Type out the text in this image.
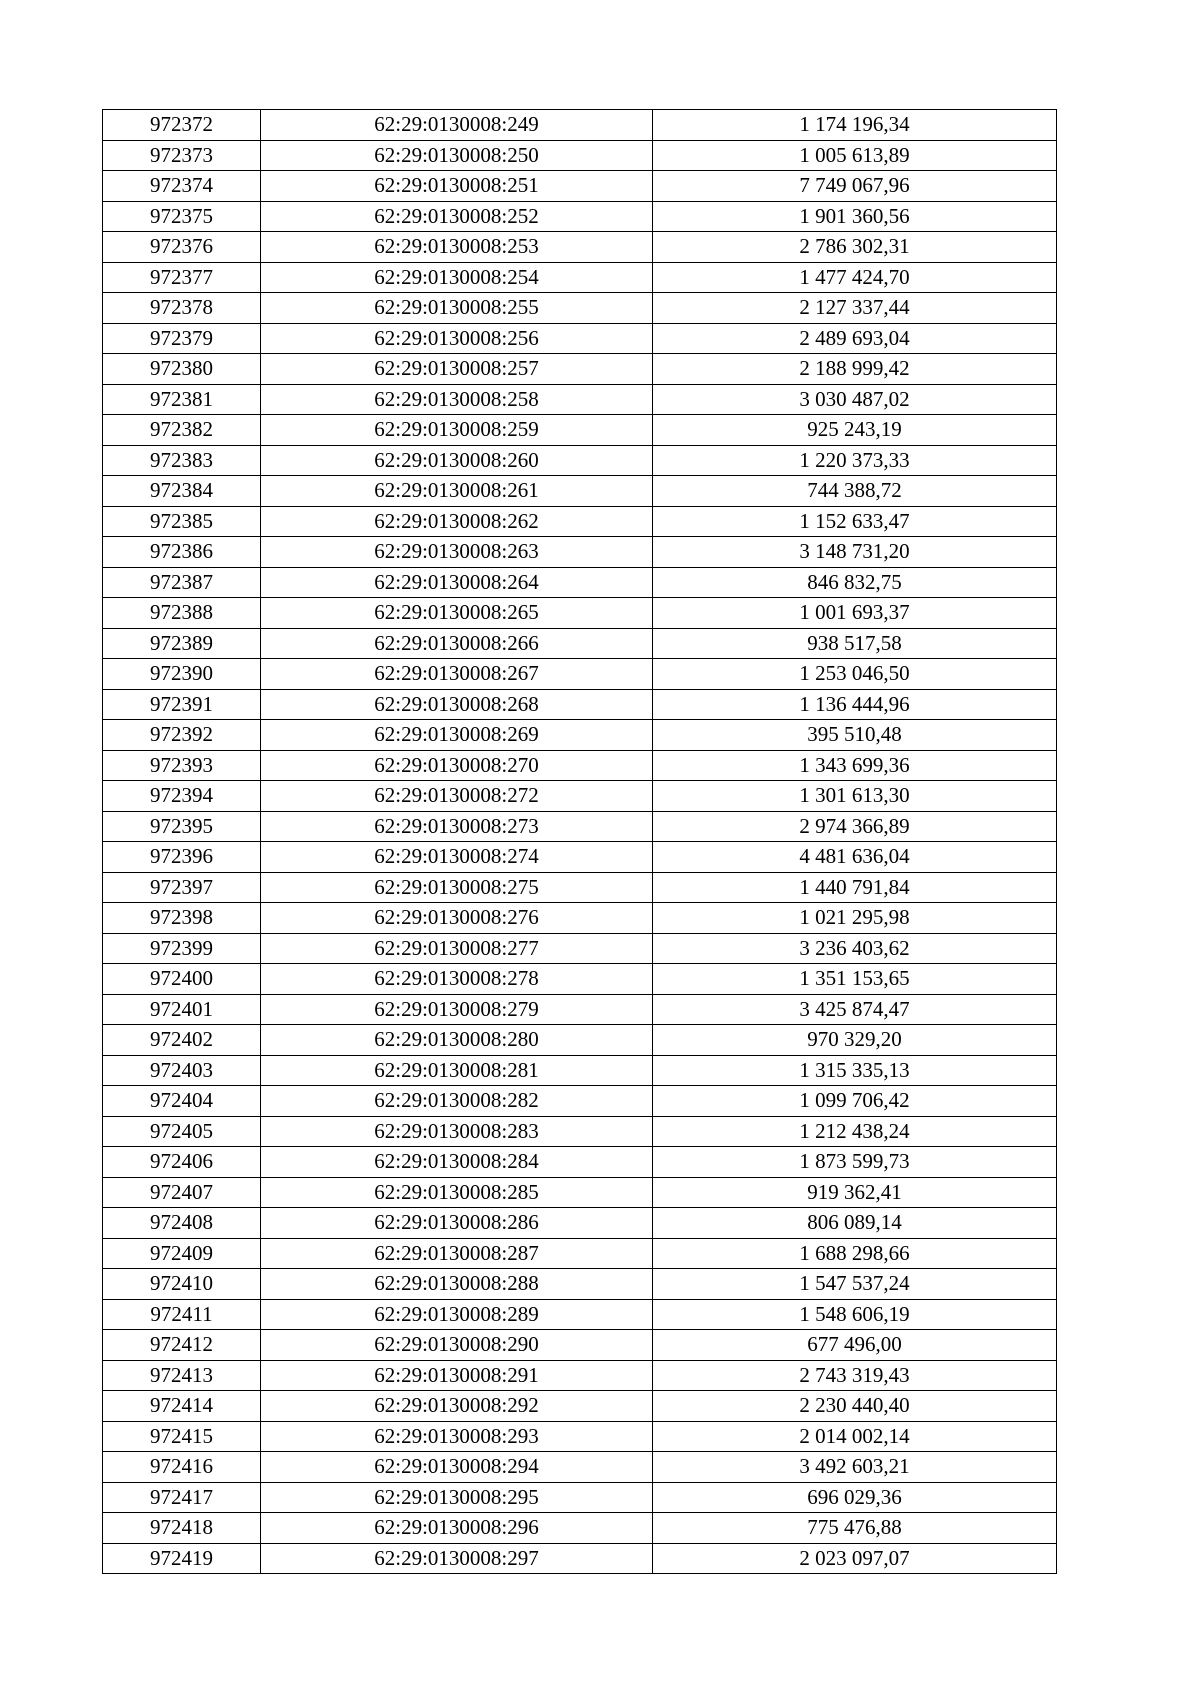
972372	62:29:0130008:249	1 174 196,34
972373	62:29:0130008:250	1 005 613,89
972374	62:29:0130008:251	7 749 067,96
972375	62:29:0130008:252	1 901 360,56
972376	62:29:0130008:253	2 786 302,31
972377	62:29:0130008:254	1 477 424,70
972378	62:29:0130008:255	2 127 337,44
972379	62:29:0130008:256	2 489 693,04
972380	62:29:0130008:257	2 188 999,42
972381	62:29:0130008:258	3 030 487,02
972382	62:29:0130008:259	925 243,19
972383	62:29:0130008:260	1 220 373,33
972384	62:29:0130008:261	744 388,72
972385	62:29:0130008:262	1 152 633,47
972386	62:29:0130008:263	3 148 731,20
972387	62:29:0130008:264	846 832,75
972388	62:29:0130008:265	1 001 693,37
972389	62:29:0130008:266	938 517,58
972390	62:29:0130008:267	1 253 046,50
972391	62:29:0130008:268	1 136 444,96
972392	62:29:0130008:269	395 510,48
972393	62:29:0130008:270	1 343 699,36
972394	62:29:0130008:272	1 301 613,30
972395	62:29:0130008:273	2 974 366,89
972396	62:29:0130008:274	4 481 636,04
972397	62:29:0130008:275	1 440 791,84
972398	62:29:0130008:276	1 021 295,98
972399	62:29:0130008:277	3 236 403,62
972400	62:29:0130008:278	1 351 153,65
972401	62:29:0130008:279	3 425 874,47
972402	62:29:0130008:280	970 329,20
972403	62:29:0130008:281	1 315 335,13
972404	62:29:0130008:282	1 099 706,42
972405	62:29:0130008:283	1 212 438,24
972406	62:29:0130008:284	1 873 599,73
972407	62:29:0130008:285	919 362,41
972408	62:29:0130008:286	806 089,14
972409	62:29:0130008:287	1 688 298,66
972410	62:29:0130008:288	1 547 537,24
972411	62:29:0130008:289	1 548 606,19
972412	62:29:0130008:290	677 496,00
972413	62:29:0130008:291	2 743 319,43
972414	62:29:0130008:292	2 230 440,40
972415	62:29:0130008:293	2 014 002,14
972416	62:29:0130008:294	3 492 603,21
972417	62:29:0130008:295	696 029,36
972418	62:29:0130008:296	775 476,88
972419	62:29:0130008:297	2 023 097,07
